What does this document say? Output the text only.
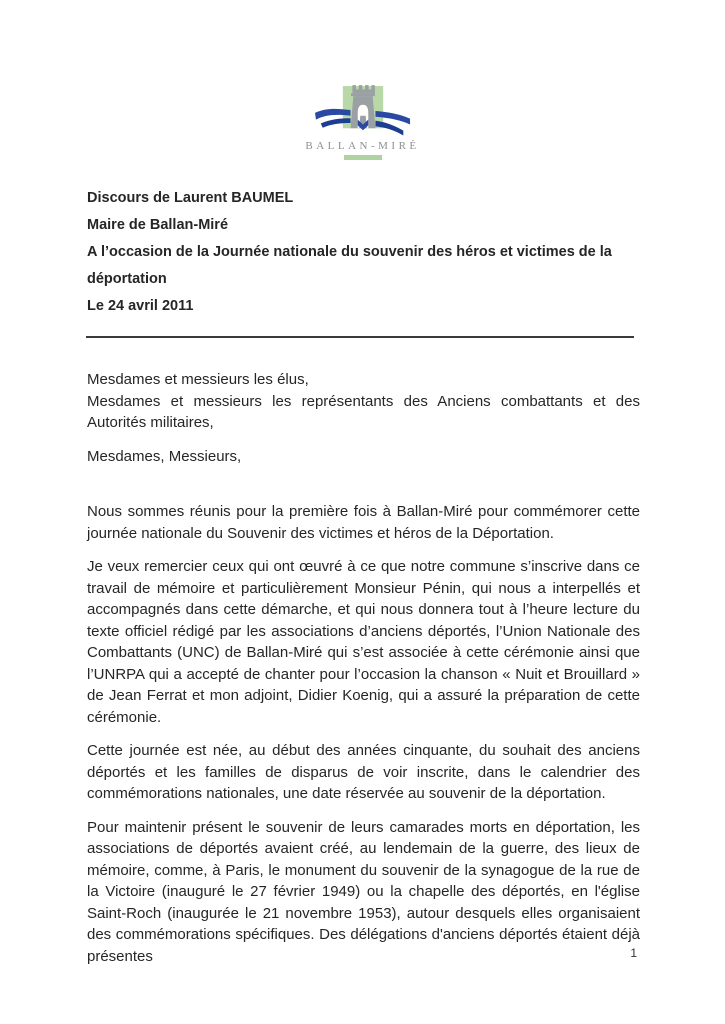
BALLAN-MIRÉ
Discours de Laurent BAUMEL
Maire de Ballan-Miré
A l’occasion de la Journée nationale du souvenir des héros et victimes de la
déportation
Le 24 avril 2011
Mesdames et messieurs les élus,
Mesdames et messieurs les représentants des Anciens combattants et des Autorités militaires,
Mesdames, Messieurs,

Nous sommes réunis pour la première fois à Ballan-Miré pour commémorer cette journée nationale du Souvenir des victimes et héros de la Déportation.

Je veux remercier ceux qui ont œuvré à ce que notre commune s’inscrive dans ce travail de mémoire et particulièrement Monsieur Pénin, qui nous a interpellés et accompagnés dans cette démarche, et qui nous donnera tout à l’heure lecture du texte officiel rédigé par les associations d’anciens déportés, l’Union Nationale des Combattants (UNC) de Ballan-Miré qui s’est associée à cette cérémonie ainsi que l’UNRPA qui a accepté de chanter pour l’occasion la chanson « Nuit et Brouillard » de Jean Ferrat et mon adjoint, Didier Koenig, qui a assuré la préparation de cette cérémonie.

Cette journée est née, au début des années cinquante, du souhait des anciens déportés et les familles de disparus de voir inscrite, dans le calendrier des commémorations nationales, une date réservée au souvenir de la déportation.

Pour maintenir présent le souvenir de leurs camarades morts en déportation, les associations de déportés avaient créé, au lendemain de la guerre, des lieux de mémoire, comme, à Paris, le monument du souvenir de la synagogue de la rue de la Victoire (inauguré le 27 février 1949) ou la chapelle des déportés, en l'église Saint-Roch (inaugurée le 21 novembre 1953), autour desquels elles organisaient des commémorations spécifiques. Des délégations d'anciens déportés étaient déjà présentes	1
